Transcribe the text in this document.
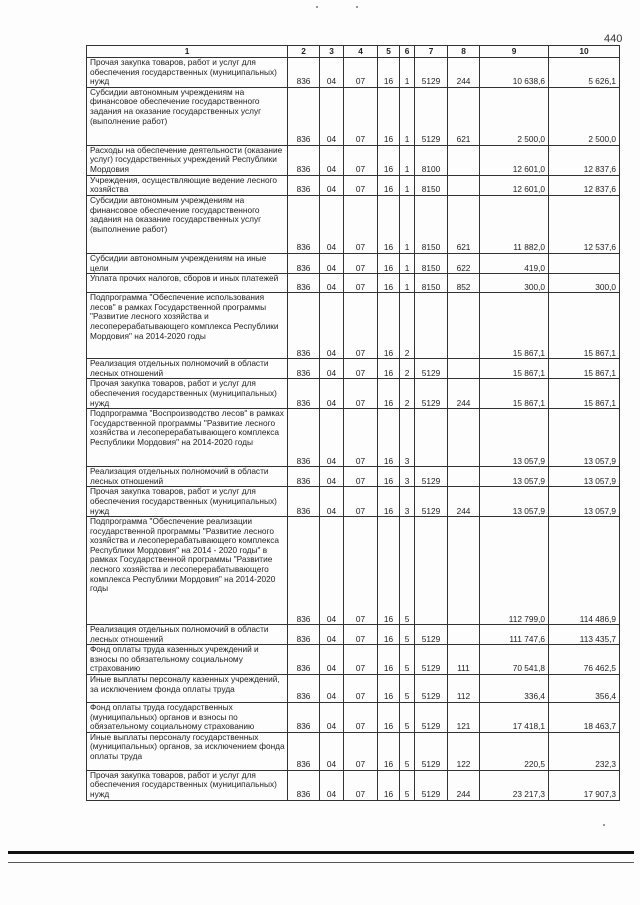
440
1	2	3	4	5	6	7	8	9	10
Прочая закупка товаров, работ и услуг для обеспечения государственных (муниципальных) нужд	836	04	07	16	1	5129	244	10 638,6	5 626,1
Субсидии автономным учреждениям на финансовое обеспечение государственного задания на оказание государственных услуг (выполнение работ)	836	04	07	16	1	5129	621	2 500,0	2 500,0
Расходы на обеспечение деятельности (оказание услуг) государственных учреждений Республики Мордовия	836	04	07	16	1	8100		12 601,0	12 837,6
Учреждения, осуществляющие ведение лесного хозяйства	836	04	07	16	1	8150		12 601,0	12 837,6
Субсидии автономным учреждениям на финансовое обеспечение государственного задания на оказание государственных услуг (выполнение работ)	836	04	07	16	1	8150	621	11 882,0	12 537,6
Субсидии автономным учреждениям на иные цели	836	04	07	16	1	8150	622	419,0	
Уплата прочих налогов, сборов и иных платежей	836	04	07	16	1	8150	852	300,0	300,0
Подпрограмма "Обеспечение использования лесов" в рамках Государственной программы "Развитие лесного хозяйства и лесоперерабатывающего комплекса Республики Мордовия" на 2014-2020 годы	836	04	07	16	2			15 867,1	15 867,1
Реализация отдельных полномочий в области лесных отношений	836	04	07	16	2	5129		15 867,1	15 867,1
Прочая закупка товаров, работ и услуг для обеспечения государственных (муниципальных) нужд	836	04	07	16	2	5129	244	15 867,1	15 867,1
Подпрограмма "Воспроизводство лесов" в рамках Государственной программы "Развитие лесного хозяйства и лесоперерабатывающего комплекса Республики Мордовия" на 2014-2020 годы	836	04	07	16	3			13 057,9	13 057,9
Реализация отдельных полномочий в области лесных отношений	836	04	07	16	3	5129		13 057,9	13 057,9
Прочая закупка товаров, работ и услуг для обеспечения государственных (муниципальных) нужд	836	04	07	16	3	5129	244	13 057,9	13 057,9
Подпрограмма "Обеспечение реализации государственной программы "Развитие лесного хозяйства и лесоперерабатывающего комплекса Республики Мордовия" на 2014 - 2020 годы" в рамках Государственной программы "Развитие лесного хозяйства и лесоперерабатывающего комплекса Республики Мордовия" на 2014-2020 годы	836	04	07	16	5			112 799,0	114 486,9
Реализация отдельных полномочий в области лесных отношений	836	04	07	16	5	5129		111 747,6	113 435,7
Фонд оплаты труда казенных учреждений и взносы по обязательному социальному страхованию	836	04	07	16	5	5129	111	70 541,8	76 462,5
Иные выплаты персоналу казенных учреждений, за исключением фонда оплаты труда	836	04	07	16	5	5129	112	336,4	356,4
Фонд оплаты труда государственных (муниципальных) органов и взносы по обязательному социальному страхованию	836	04	07	16	5	5129	121	17 418,1	18 463,7
Иные выплаты персоналу государственных (муниципальных) органов, за исключением фонда оплаты труда	836	04	07	16	5	5129	122	220,5	232,3
Прочая закупка товаров, работ и услуг для обеспечения государственных (муниципальных) нужд	836	04	07	16	5	5129	244	23 217,3	17 907,3
